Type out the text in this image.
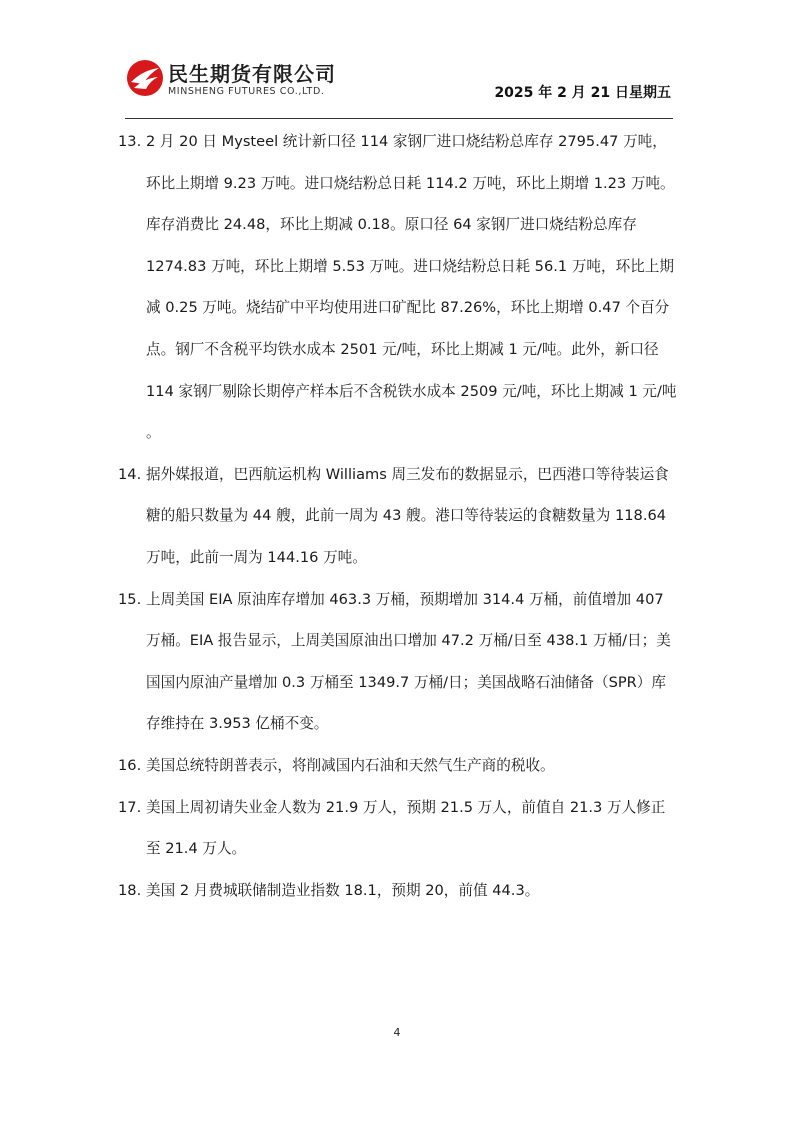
民生期货有限公司
MINSHENG FUTURES CO.,LTD.	2025 年 2 月 21 日星期五
13. 2 月 20 日 Mysteel 统计新口径 114 家钢厂进口烧结粉总库存 2795.47 万吨，环比上期增 9.23 万吨。进口烧结粉总日耗 114.2 万吨，环比上期增 1.23 万吨。库存消费比 24.48，环比上期减 0.18。原口径 64 家钢厂进口烧结粉总库存 1274.83 万吨，环比上期增 5.53 万吨。进口烧结粉总日耗 56.1 万吨，环比上期减 0.25 万吨。烧结矿中平均使用进口矿配比 87.26%，环比上期增 0.47 个百分点。钢厂不含税平均铁水成本 2501 元/吨，环比上期减 1 元/吨。此外，新口径 114 家钢厂剔除长期停产样本后不含税铁水成本 2509 元/吨，环比上期减 1 元/吨 。
14. 据外媒报道，巴西航运机构 Williams 周三发布的数据显示，巴西港口等待装运食糖的船只数量为 44 艘，此前一周为 43 艘。港口等待装运的食糖数量为 118.64 万吨，此前一周为 144.16 万吨。
15. 上周美国 EIA 原油库存增加 463.3 万桶，预期增加 314.4 万桶，前值增加 407 万桶。EIA 报告显示，上周美国原油出口增加 47.2 万桶/日至 438.1 万桶/日；美国国内原油产量增加 0.3 万桶至 1349.7 万桶/日；美国战略石油储备（SPR）库存维持在 3.953 亿桶不变。
16. 美国总统特朗普表示，将削减国内石油和天然气生产商的税收。
17. 美国上周初请失业金人数为 21.9 万人，预期 21.5 万人，前值自 21.3 万人修正至 21.4 万人。
18. 美国 2 月费城联储制造业指数 18.1，预期 20，前值 44.3。
4
